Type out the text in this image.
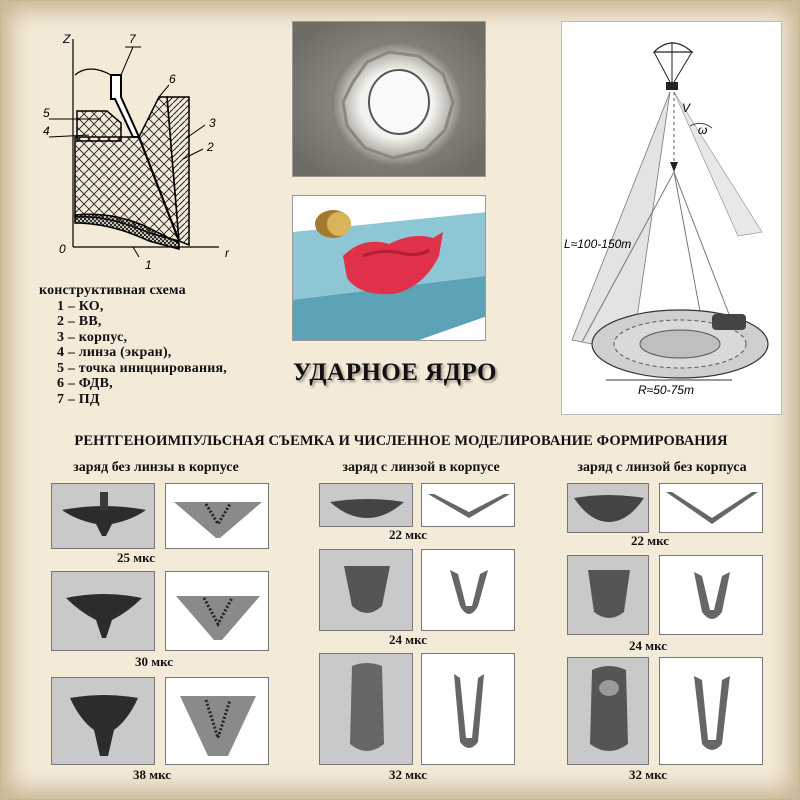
Z
r
0
1
2
3
4
5
6
7
конструктивная схема
1 – КО,
2 – ВВ,
3 – корпус,
4 – линза (экран),
5 – точка инициирования,
6 – ФДВ,
7 – ПД
V
ω
L≈100-150m
R≈50-75m
УДАРНОЕ ЯДРО
РЕНТГЕНОИМПУЛЬСНАЯ СЪЕМКА И ЧИСЛЕННОЕ МОДЕЛИРОВАНИЕ ФОРМИРОВАНИЯ
заряд без линзы в корпусе	заряд с линзой в корпусе	заряд с линзой без корпуса
25 мкс
30 мкс
38 мкс
22 мкс
24 мкс
32 мкс
22 мкс
24 мкс
32 мкс
